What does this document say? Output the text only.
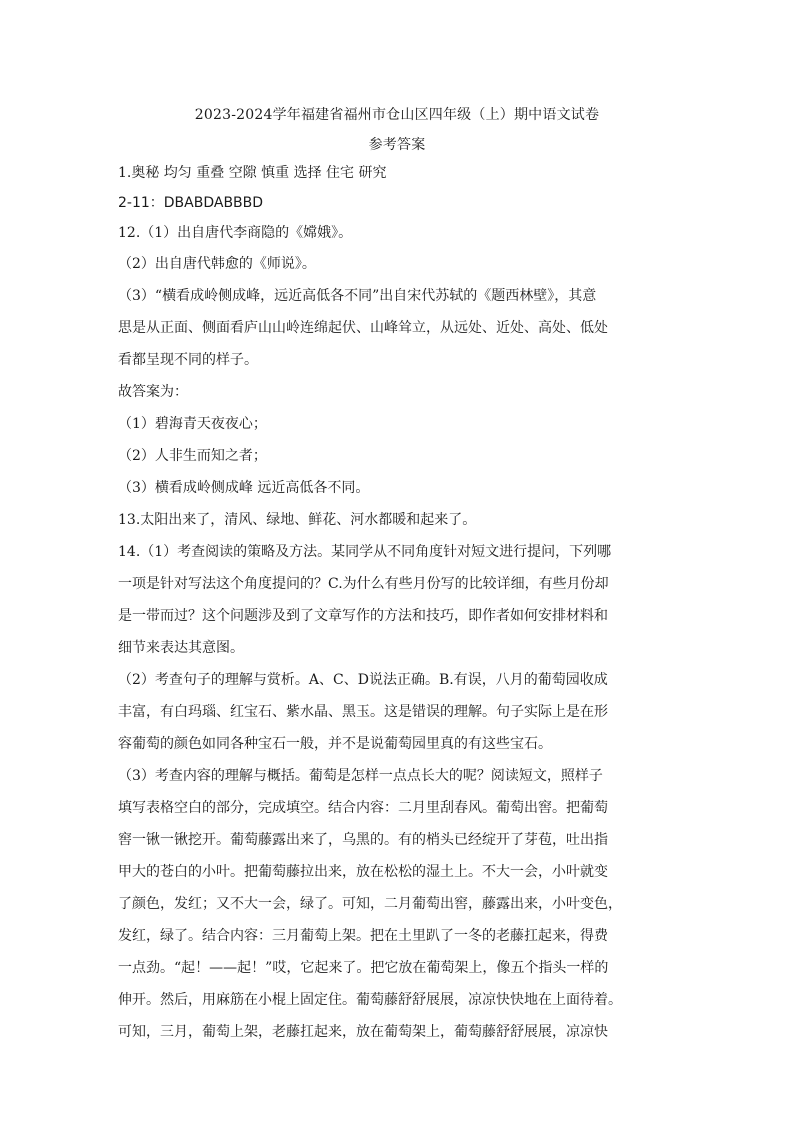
2023-2024学年福建省福州市仓山区四年级（上）期中语文试卷
参考答案
1.奥秘 均匀 重叠 空隙 慎重 选择 住宅 研究
2-11：DBABDABBBD
12.（1）出自唐代李商隐的《嫦娥》。
（2）出自唐代韩愈的《师说》。
（3）“横看成岭侧成峰，远近高低各不同”出自宋代苏轼的《题西林壁》，其意
思是从正面、侧面看庐山山岭连绵起伏、山峰耸立，从远处、近处、高处、低处
看都呈现不同的样子。
故答案为：
（1）碧海青天夜夜心；
（2）人非生而知之者；
（3）横看成岭侧成峰 远近高低各不同。
13.太阳出来了，清风、绿地、鲜花、河水都暖和起来了。
14.（1）考查阅读的策略及方法。某同学从不同角度针对短文进行提问，下列哪
一项是针对写法这个角度提问的？C.为什么有些月份写的比较详细，有些月份却
是一带而过？这个问题涉及到了文章写作的方法和技巧，即作者如何安排材料和
细节来表达其意图。
（2）考查句子的理解与赏析。A、C、D说法正确。B.有误，八月的葡萄园收成
丰富，有白玛瑙、红宝石、紫水晶、黑玉。这是错误的理解。句子实际上是在形
容葡萄的颜色如同各种宝石一般，并不是说葡萄园里真的有这些宝石。
（3）考查内容的理解与概括。葡萄是怎样一点点长大的呢？阅读短文，照样子
填写表格空白的部分，完成填空。结合内容：二月里刮春风。葡萄出窖。把葡萄
窖一锹一锹挖开。葡萄藤露出来了，乌黑的。有的梢头已经绽开了芽苞，吐出指
甲大的苍白的小叶。把葡萄藤拉出来，放在松松的湿土上。不大一会，小叶就变
了颜色，发红；又不大一会，绿了。可知，二月葡萄出窖，藤露出来，小叶变色，
发红，绿了。结合内容：三月葡萄上架。把在土里趴了一冬的老藤扛起来，得费
一点劲。“起！——起！”哎，它起来了。把它放在葡萄架上，像五个指头一样的
伸开。然后，用麻筋在小棍上固定住。葡萄藤舒舒展展，凉凉快快地在上面待着。
可知，三月，葡萄上架，老藤扛起来，放在葡萄架上，葡萄藤舒舒展展，凉凉快
